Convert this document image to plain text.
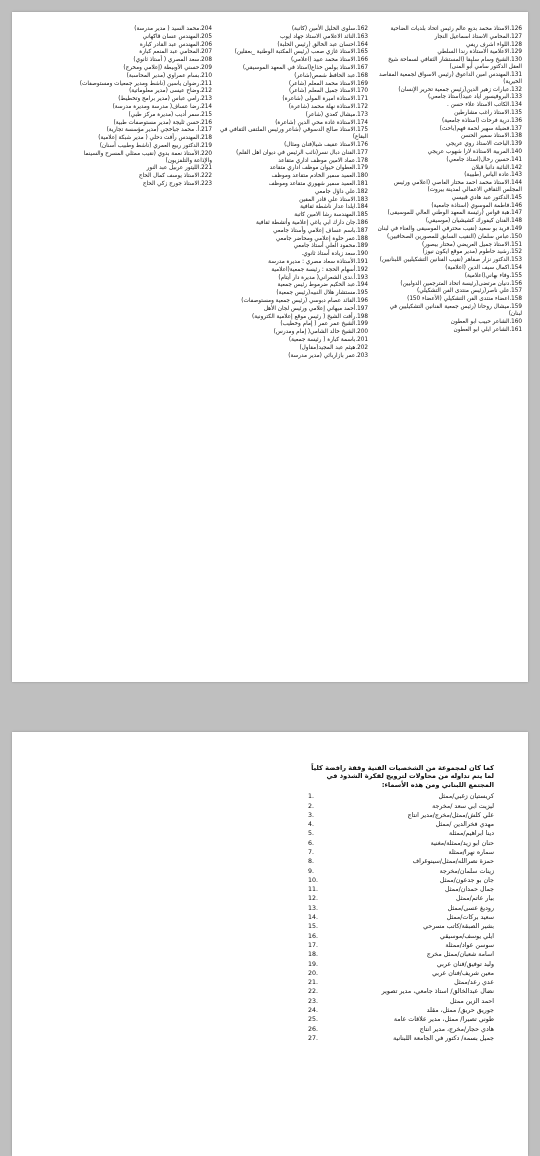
126.الاستاذ محمد بديع عالم رئيس اتحاد بلديات الضاحية
127.المحامي الاستاذ اسماعيل النجار
128.اللواء اشرف ريفي
129.الاعلامية الاستاذة رندا السلطي
130.الشيخ وسام سليقا (المستشار الثقافي لسماحة شيخ العقل الدكتور سامي أبو المنى)
131.المهندس امين الداعوق (رئيس الاسواق لجمعية المقاصد الخيرية)
132.عبارات زهير الدين(رئيس جمعية تحرير الإنسان)
133.البروفيسور اياد عبيد(استاذ جامعي)
134.الكاتب الاستاذ علاء حسن .
135.الاستاذ راغب مشارطين
136.درية فرحات (استاذة جامعية)
137.فضيلة سهير لحمة فهم(باحث)
138.الاستاذ سمير الحسن
139.الباحث الاستاذ روي عريجي
140.المربية الاستاذة لارا شهوب عريجي
141.حسين رحال(استاذ جامعي)
142.النائبة دانيا قبلان
143.عادة الياس (طبيبة)
144.الاستاذ محمد احمد مختار العاصي (اعلامي ورئيس المجلس الثقافي الاعمالي لمدينة بيروت)
145.الدكتور عبد هادي قبيسي
146.فاطمة الموسوي (استاذة جامعية)
147.هبة قواس (رئيسة المعهد الوطني العالي للموسيقى)
148.الفنان كيفورك كشيشيان (موسيقي)
149.فريد بو سعيد (نقيب محترفي الموسيقى والغناء في لبنان
150.عباس سلمان (النقيب السابق للمصورين الصحافيين)
151.الاستاذ جميل العريضي (مختار بيصور)
152.رشيد حاطوم (مدير موقع ايكون نيوز)
153.الدكتور نزار صفاهر (نقيب الفنانين التشكيليين اللبنانيين)
154.اكمال سيف الدين (اعلامية)
155.وفاء بهاني(اعلامية)
156.دنيان مرتضى(رئيسة اتحاد المترجمين الدوليين)
157.علي ناصر(رئيس منتدى الفن التشكيلي)
158.اعضاء منتدى الفن التشكيلي (الأعضاء 150)
159.ميشال روحانا (رئيس جمعية الفنانين التشكيليين في لبنان)
160.الشاعر حبيب ابو العطون
161.الشاعر ابلي ابو العطون
162.سلوى الخليل الأمين (كاتبة)
163.النائد الاعلامي الاستاذ جهاد ايوب
164.احسان عبد الخالق (رئيس الحلبة)
165.الاستاذ غازي صعب (رئيس المكتبة الوطنية _بعقلين)
166.الاستاذ محمد عبيد (اعلامي)
167.الاستاذ بولس خذاع(استاذ في المعهد الموسيقي)
168.عبد الحافظ شمص(شاعر)
169.الاستاذ محمد المعلم (شاعر)
170.الاستاذ جميل المعلم (شاعر)
171.الاستاذة اميرة المولى (شاعرة)
172.الاستاذة نهلة محمد (شاعرة)
173.ميشال كعدي (شاعر)
174.الاستاذة غادة محي الدين (شاعرة)
175.الاستاذ صالح الدسوقي (شاعر ورئيس الملتقى الثقافي في البقاع)
176.الاستاذ عفيف شيا(فنان ومثال)
177.الفنان دبال نسر(نائب الرئيس في ديوان اهل القلم)
178.عماد الامين موظف اداري متقاعد
179.العطوان حيوان موظف اداري متقاعد
180.العميد سمير الخادم متقاعد وموظف
181.العميد سمير شهوري متقاعد وموظف
182.علي داؤل جامعي
183.الاستاذ علي قادر المقين
184.ايلدا عدار ناشطة ثقافية
185.المهندسة رشا الامين كاتبة
186.جان دارك ابي ياغي إعلامية وأنشطة ثقافية
187.باسم عساف إعلامي وأستاذ جامعي
188.عمر حلوة إعلامي ومحاضر جامعي
189.محمود العلي أستاذ جامعي
190.سعد زيادة أستاذ ثانوي.
191.الأستاذة سعاد مصري : مديرة مدرسة
192.أسهام الحجة : رئيسة جمعية(اعلامية
193.أ.ندى الشعراني( مديرة دار أيتام)
194.عبد الحكيم ضرموط رئيس جمعية
195.مستشار هلال النبيه(رئيس جمعية)
196.القائد عصام دبوسي (رئيس جمعية ومستوصفات)
197.أحمد ميهاني إعلامي ورئيس لجان الأهل
198.رأفت الشيخ ( رئيس موقع إعلامية الكترونية)
199.الشيخ عمر عمر ( إمام وخطيب)
200.الشيخ خالد الشامي( إمام ومدرس)
201.باسمة كبارة ( رئيسة جمعية)
202.هيثم عبد المجيد(مقاول)
203.عمر بازاربائي (مدير مدرسة)
204.محمد السيد ( مدير مدرسة)
205.المهندس عسان قاكهاني
206.المهندس عبد القادر كبارة
207.المحامي عبد المنعم كبارة
208.سعد المصري ( أستاذ ثانوي)
209.حسني الأوبيطة (إعلامي ومخرج)
210.بسام عمراوي (مدير المحاسبة)
211.رضوان ياسين (ناشط ومدير جمعيات ومستوصفات)
212.وضاح عيسى (مدير معلوماتية)
213.رامي عباس (مدير برامج وتخطيط)
214.رضا عساف( مدرسة ومديرة مدرسة)
215.سمر أديب (مديرة مركز طبي)
216.حسن ثليجة (مدير مستوصفات طبية)
217.أ. محمد جباخجي (مدير مؤسسة تجارية)
218.المهندس رأفت دحلي ( مدير شبكة إعلامية)
219.الدكتور ربيع العمري (ناشط وطبيب أسنان)
220.الأستاذ نعمة بدوي (نقيب ممثلي المسرح والسينما والإذاعة والتلفزيون)
221.الليتور عربيل عبد النور
222.الاستاذ يوسف كمال الحاج
223.الاستاذ جورج زكي الحاج

كما كان لمجموعة من الشخصيات الفنية وقفة رافضة كلياً لما يتم تداوله من محاولات لترويج لفكرة الشذوذ في المجتمع اللبناني ومن هذه الأسماء:

كريستيان زغبي/ممثل
1.
ليزيت ابي سعد /مخرجة
2.
علي كلش/ممثل/مخرج/مدير انتاج
3.
مهدي فخرالدين /ممثل
4.
دينا ابراهيم/ممثلة
5.
حنان ابو زيد/ممثلة/مغنية
6.
سماره نهرا/ممثلة
7.
حمزة نصرالله/ممثل/سينوغراف
8.
زينات سلمان/مخرجة
9.
جان بو جدعون/ممثل
10.
جمال حمدان/ممثل
11.
بيار عاتم/ممثل
12.
روديغ عسى/ممثل
13.
سعيد بركات/ممثل
14.
بشير الصبقة/كاتب مسرحي
15.
ايلي يوسف/موسيقي
16.
سوسن عواد/ممثلة
17.
اسامة شعبان/ممثل مخرج
18.
وليد توفيق/فنان عربي
19.
معين شريف/فنان عربي
20.
عدي رعد/ممثل
21.
نضال عبدالخالق/ استاذ جامعي، مدير تصوير
22.
احمد الزين ممثل
23.
جوريق حريق/ ممثل، مقلد
24.
طوني تصيرا/ ممثل، مدير علاقات عامة
25.
هادي حجار/مخرج، مدير انتاج
26.
جميل بسمة/ دكتور في الجامعة اللبنانية
27.
